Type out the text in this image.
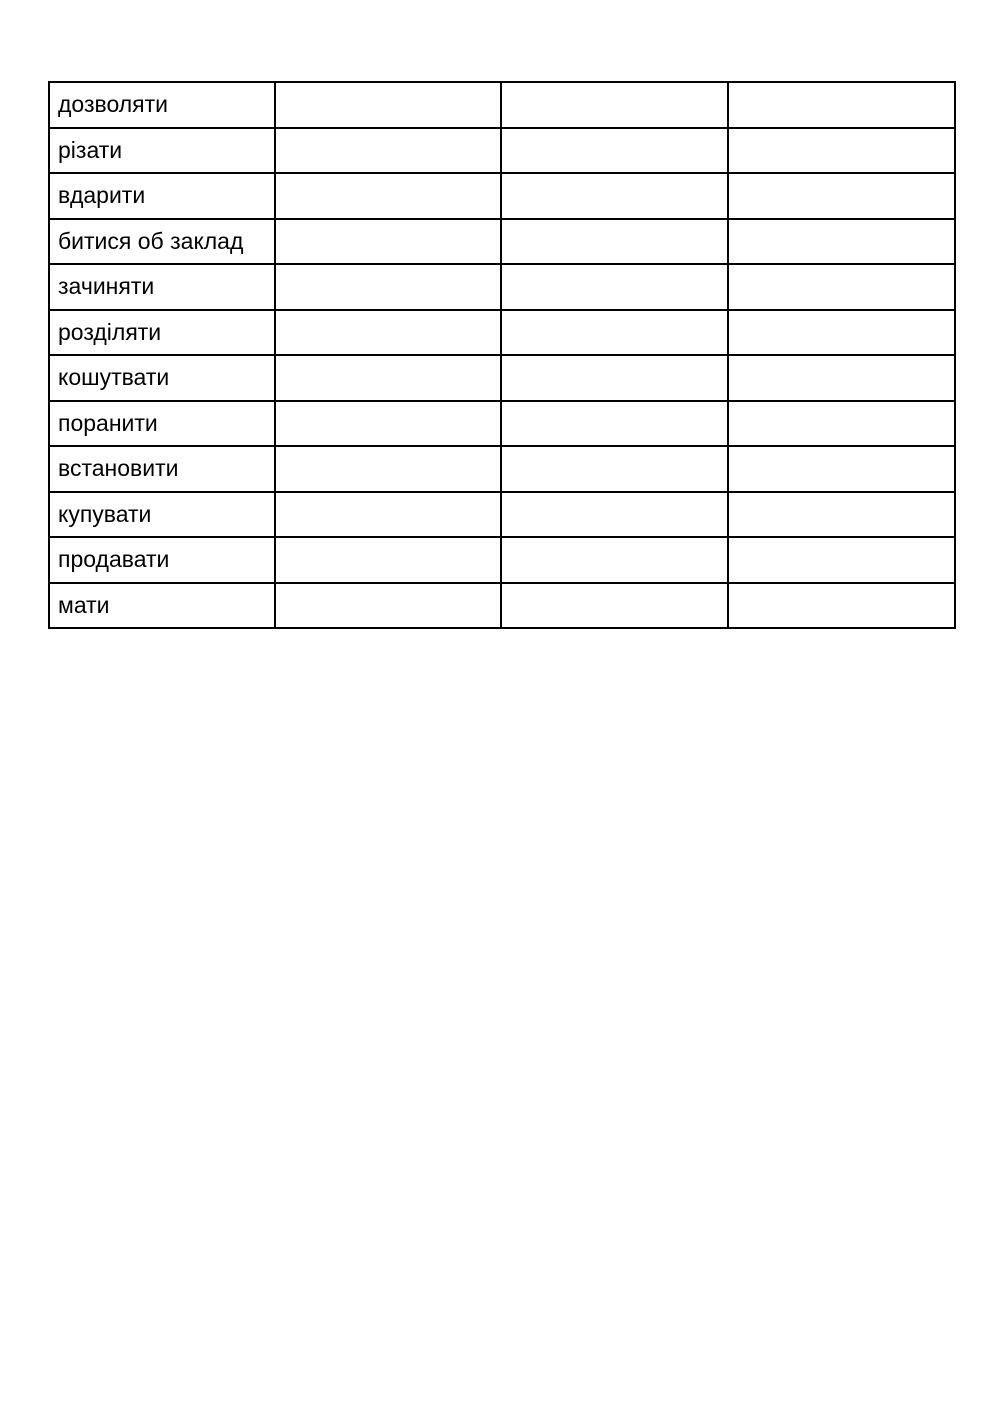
дозволяти			
різати			
вдарити			
битися об заклад			
зачиняти			
розділяти			
кошутвати			
поранити			
встановити			
купувати			
продавати			
мати			
